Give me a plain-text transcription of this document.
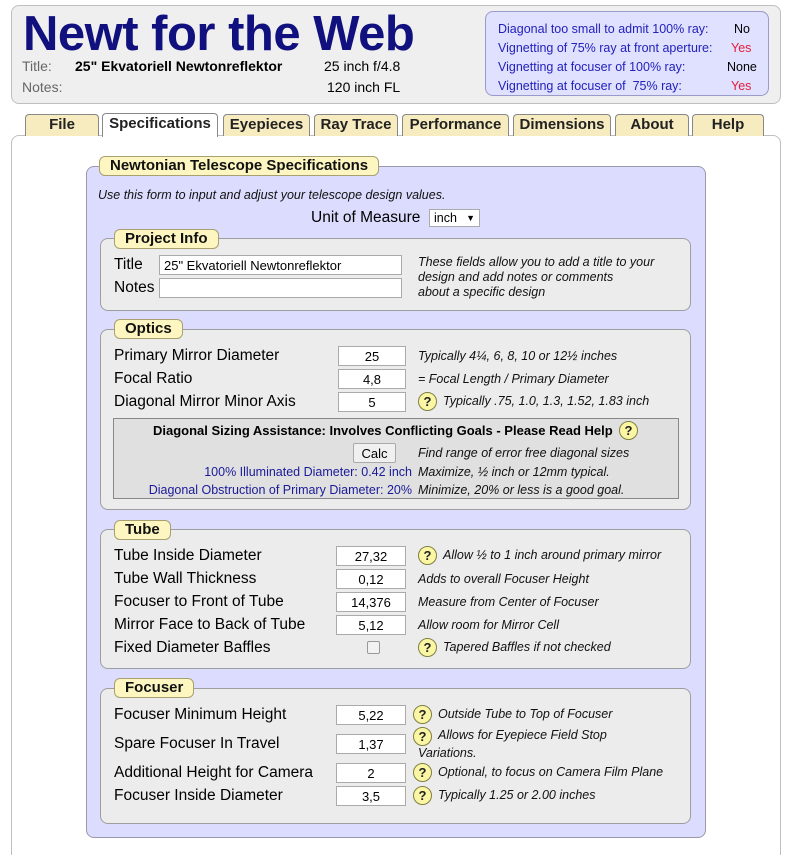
Newt for the Web
Title: 25" Ekvatoriell Newtonreflektor	25 inch f/4.8
Notes:	120 inch FL
Diagonal too small to admit 100% ray: No
Vignetting of 75% ray at front aperture: Yes
Vignetting at focuser of 100% ray:	None
Vignetting at focuser of  75% ray:	Yes
File	Specifications	Eyepieces	Ray Trace	Performance	Dimensions	About	Help
Newtonian Telescope Specifications
Use this form to input and adjust your telescope design values.
Unit of Measure	inch ▼
Project Info
Title
25" Ekvatoriell Newtonreflektor
Notes
These fields allow you to add a title to your
design and add notes or comments
about a specific design
Optics
Primary Mirror Diameter
25	Typically 4¼, 6, 8, 10 or 12½ inches
Focal Ratio
4,8	= Focal Length / Primary Diameter
Diagonal Mirror Minor Axis
5	? Typically .75, 1.0, 1.3, 1.52, 1.83 inch
Diagonal Sizing Assistance: Involves Conflicting Goals - Please Read Help ?
Calc	Find range of error free diagonal sizes
100% Illuminated Diameter: 0.42 inch Maximize, ½ inch or 12mm typical.
Diagonal Obstruction of Primary Diameter: 20% Minimize, 20% or less is a good goal.
Tube
Tube Inside Diameter
27,32	? Allow ½ to 1 inch around primary mirror
Tube Wall Thickness
0,12	Adds to overall Focuser Height
Focuser to Front of Tube
14,376	Measure from Center of Focuser
Mirror Face to Back of Tube
5,12	Allow room for Mirror Cell
Fixed Diameter Baffles	? Tapered Baffles if not checked
Focuser
Focuser Minimum Height
5,22	? Outside Tube to Top of Focuser
Spare Focuser In Travel
1,37	? Allows for Eyepiece Field Stop
Variations.
Additional Height for Camera
2	? Optional, to focus on Camera Film Plane
Focuser Inside Diameter
3,5	? Typically 1.25 or 2.00 inches
